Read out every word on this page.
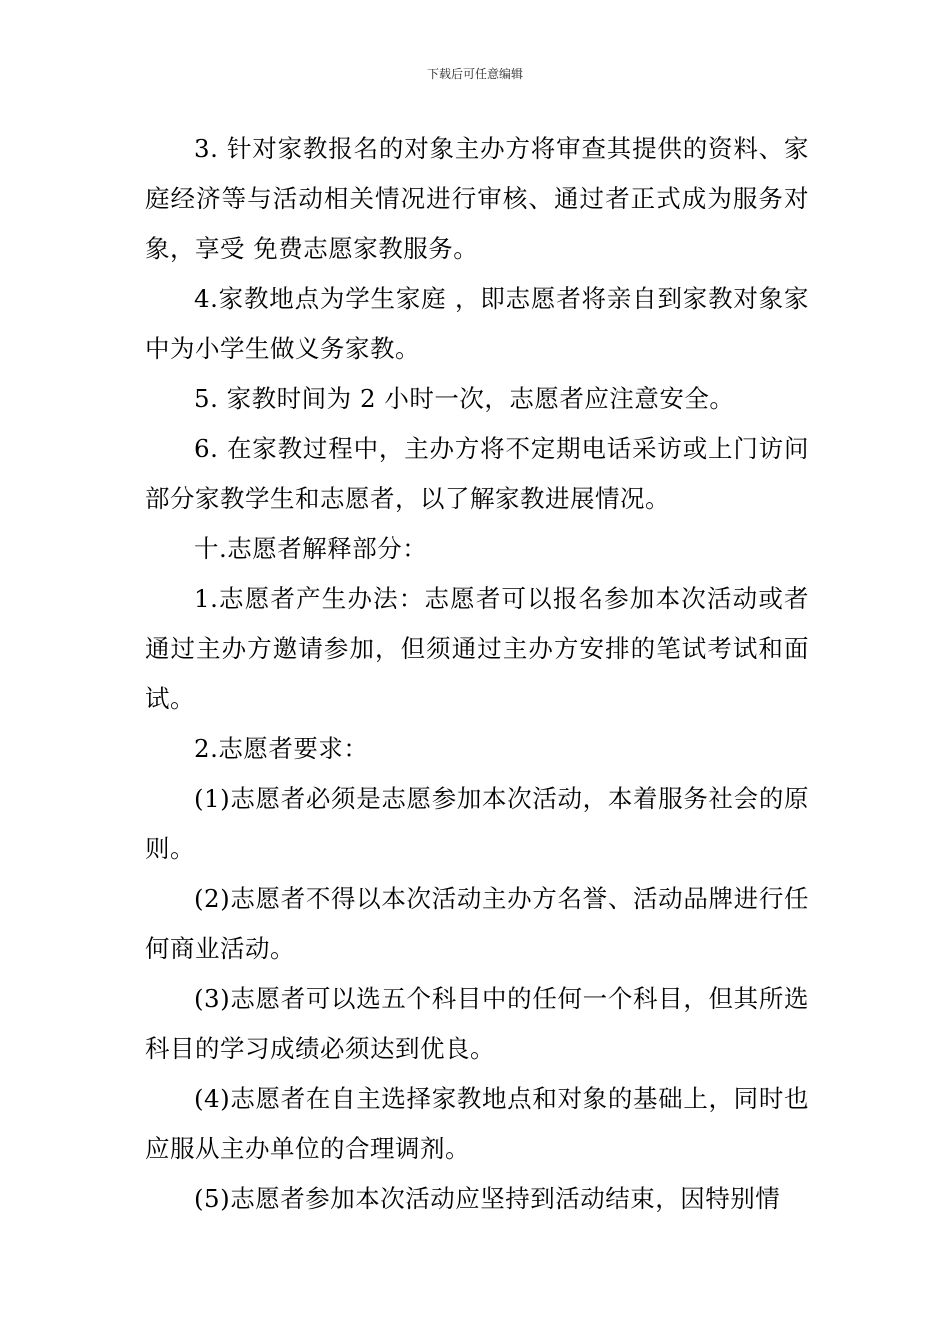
下载后可任意编辑

3. 针对家教报名的对象主办方将审查其提供的资料、家庭经济等与活动相关情况进行审核、通过者正式成为服务对象，享受 免费志愿家教服务。

4.家教地点为学生家庭 ，即志愿者将亲自到家教对象家中为小学生做义务家教。

5. 家教时间为 2 小时一次，志愿者应注意安全。

6. 在家教过程中，主办方将不定期电话采访或上门访问部分家教学生和志愿者，以了解家教进展情况。

十.志愿者解释部分：

1.志愿者产生办法：志愿者可以报名参加本次活动或者通过主办方邀请参加，但须通过主办方安排的笔试考试和面试。

2.志愿者要求：

(1)志愿者必须是志愿参加本次活动，本着服务社会的原则。

(2)志愿者不得以本次活动主办方名誉、活动品牌进行任何商业活动。

(3)志愿者可以选五个科目中的任何一个科目，但其所选科目的学习成绩必须达到优良。

(4)志愿者在自主选择家教地点和对象的基础上，同时也应服从主办单位的合理调剂。

(5)志愿者参加本次活动应坚持到活动结束，因特别情
